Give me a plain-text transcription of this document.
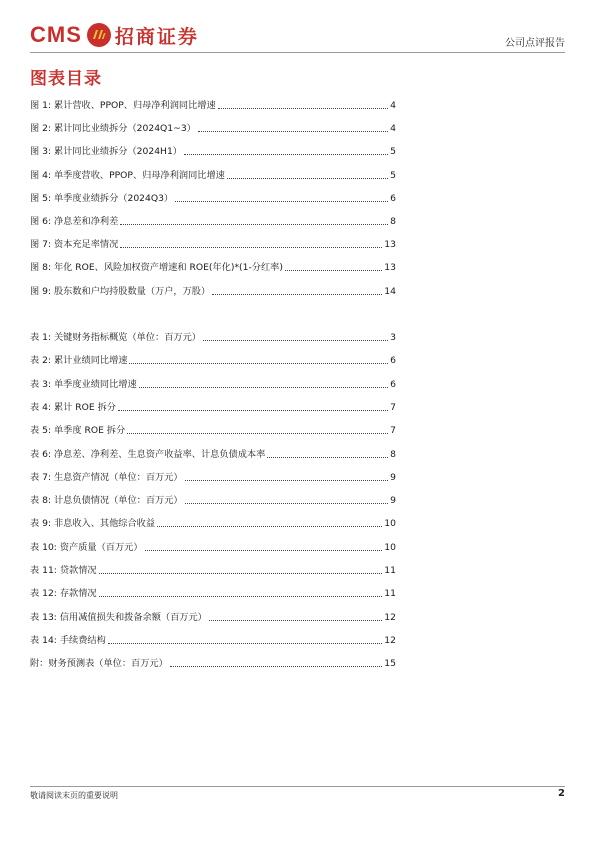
CMS 招商证券	公司点评报告
图表目录
图 1: 累计营收、PPOP、归母净利润同比增速	4
图 2: 累计同比业绩拆分（2024Q1~3）	4
图 3: 累计同比业绩拆分（2024H1）	5
图 4: 单季度营收、PPOP、归母净利润同比增速	5
图 5: 单季度业绩拆分（2024Q3）	6
图 6: 净息差和净利差	8
图 7: 资本充足率情况	13
图 8: 年化 ROE、风险加权资产增速和 ROE(年化)*(1-分红率)	13
图 9: 股东数和户均持股数量（万户，万股）	14
表 1: 关键财务指标概览（单位：百万元）	3
表 2: 累计业绩同比增速	6
表 3: 单季度业绩同比增速	6
表 4: 累计 ROE 拆分	7
表 5: 单季度 ROE 拆分	7
表 6: 净息差、净利差、生息资产收益率、计息负债成本率	8
表 7: 生息资产情况（单位：百万元）	9
表 8: 计息负债情况（单位：百万元）	9
表 9: 非息收入、其他综合收益	10
表 10: 资产质量（百万元）	10
表 11: 贷款情况	11
表 12: 存款情况	11
表 13: 信用减值损失和拨备余额（百万元）	12
表 14: 手续费结构	12
附：财务预测表（单位：百万元）	15
敬请阅读末页的重要说明	2
